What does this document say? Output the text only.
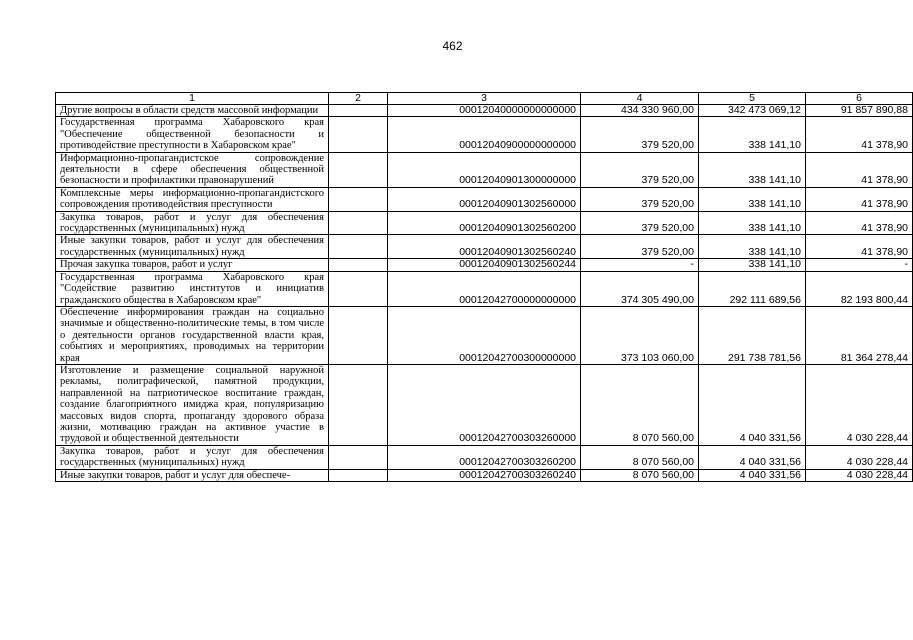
462
1	2	3	4	5	6
Другие вопросы в области средств массовой информации		00012040000000000000	434 330 960,00	342 473 069,12	91 857 890,88
Государственная программа Хабаровского края "Обеспечение общественной безопасности и противодействие преступности в Хабаровском крае"		00012040900000000000	379 520,00	338 141,10	41 378,90
Информационно-пропагандистское сопровождение деятельности в сфере обеспечения общественной безопасности и профилактики правонарушений		00012040901300000000	379 520,00	338 141,10	41 378,90
Комплексные меры информационно-пропагандистского сопровождения противодействия преступности		00012040901302560000	379 520,00	338 141,10	41 378,90
Закупка товаров, работ и услуг для обеспечения государственных (муниципальных) нужд		00012040901302560200	379 520,00	338 141,10	41 378,90
Иные закупки товаров, работ и услуг для обеспечения государственных (муниципальных) нужд		00012040901302560240	379 520,00	338 141,10	41 378,90
Прочая закупка товаров, работ и услуг		00012040901302560244	-	338 141,10	-
Государственная программа Хабаровского края "Содействие развитию институтов и инициатив гражданского общества в Хабаровском крае"		00012042700000000000	374 305 490,00	292 111 689,56	82 193 800,44
Обеспечение информирования граждан на социально значимые и общественно-политические темы, в том числе о деятельности органов государственной власти края, событиях и мероприятиях, проводимых на территории края		00012042700300000000	373 103 060,00	291 738 781,56	81 364 278,44
Изготовление и размещение социальной наружной рекламы, полиграфической, памятной продукции, направленной на патриотическое воспитание граждан, создание благоприятного имиджа края, популяризацию массовых видов спорта, пропаганду здорового образа жизни, мотивацию граждан на активное участие в трудовой и общественной деятельности		00012042700303260000	8 070 560,00	4 040 331,56	4 030 228,44
Закупка товаров, работ и услуг для обеспечения государственных (муниципальных) нужд		00012042700303260200	8 070 560,00	4 040 331,56	4 030 228,44
Иные закупки товаров, работ и услуг для обеспече-		00012042700303260240	8 070 560,00	4 040 331,56	4 030 228,44
